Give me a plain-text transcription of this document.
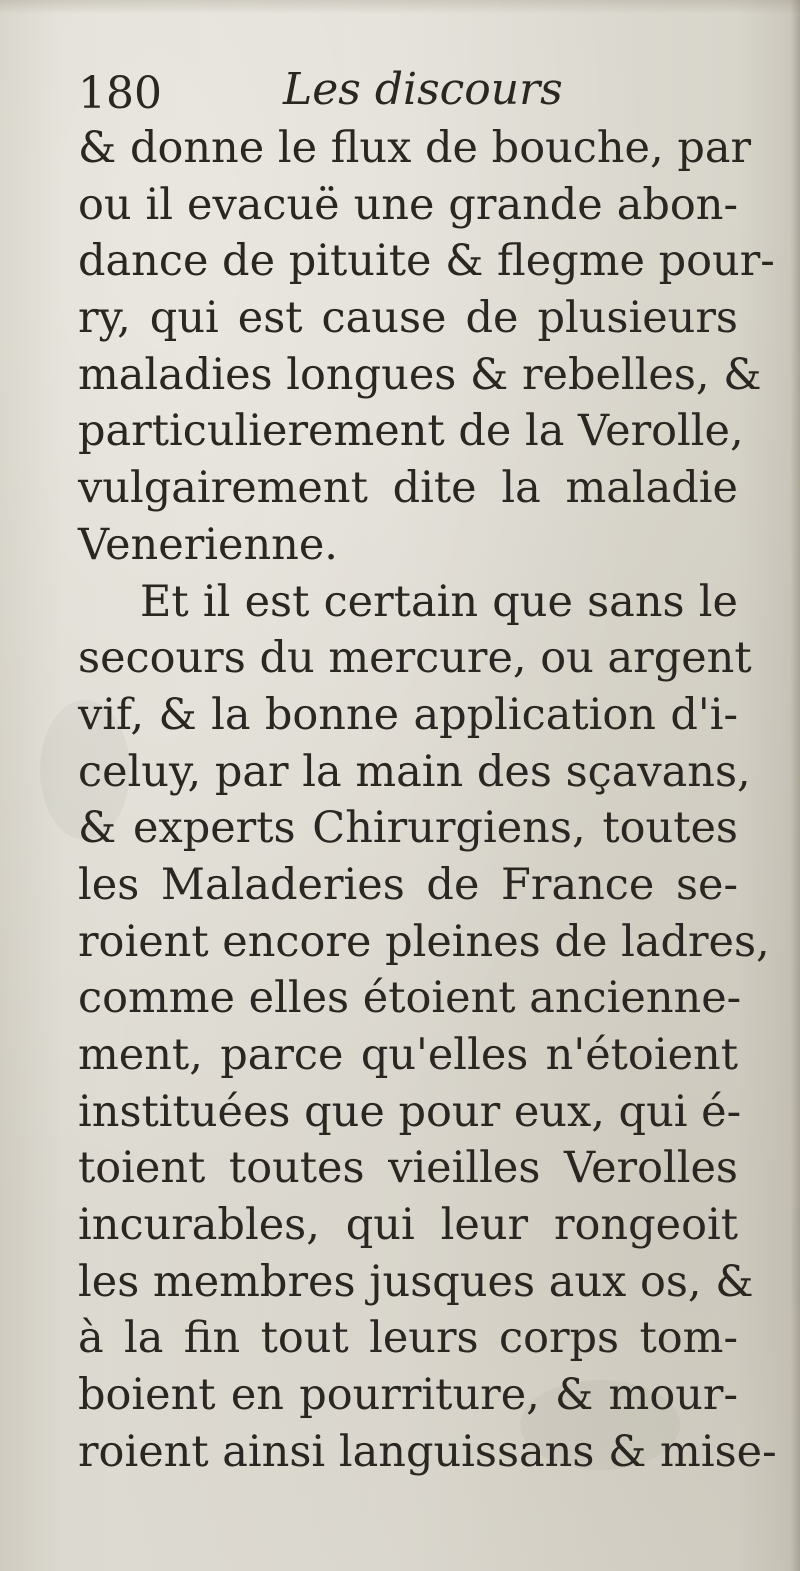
180	Les discours
& donne le flux de bouche, par
ou il evacuë une grande abon-
dance de pituite & flegme pour-
ry, qui est cause de plusieurs
maladies longues & rebelles, &
particulierement de la Verolle,
vulgairement dite la maladie
Venerienne.
Et il est certain que sans le
secours du mercure, ou argent
vif, & la bonne application d'i-
celuy, par la main des sçavans,
& experts Chirurgiens, toutes
les Maladeries de France se-
roient encore pleines de ladres,
comme elles étoient ancienne-
ment, parce qu'elles n'étoient
instituées que pour eux, qui é-
toient toutes vieilles Verolles
incurables, qui leur rongeoit
les membres jusques aux os, &
à la fin tout leurs corps tom-
boient en pourriture, & mour-
roient ainsi languissans & mise-
